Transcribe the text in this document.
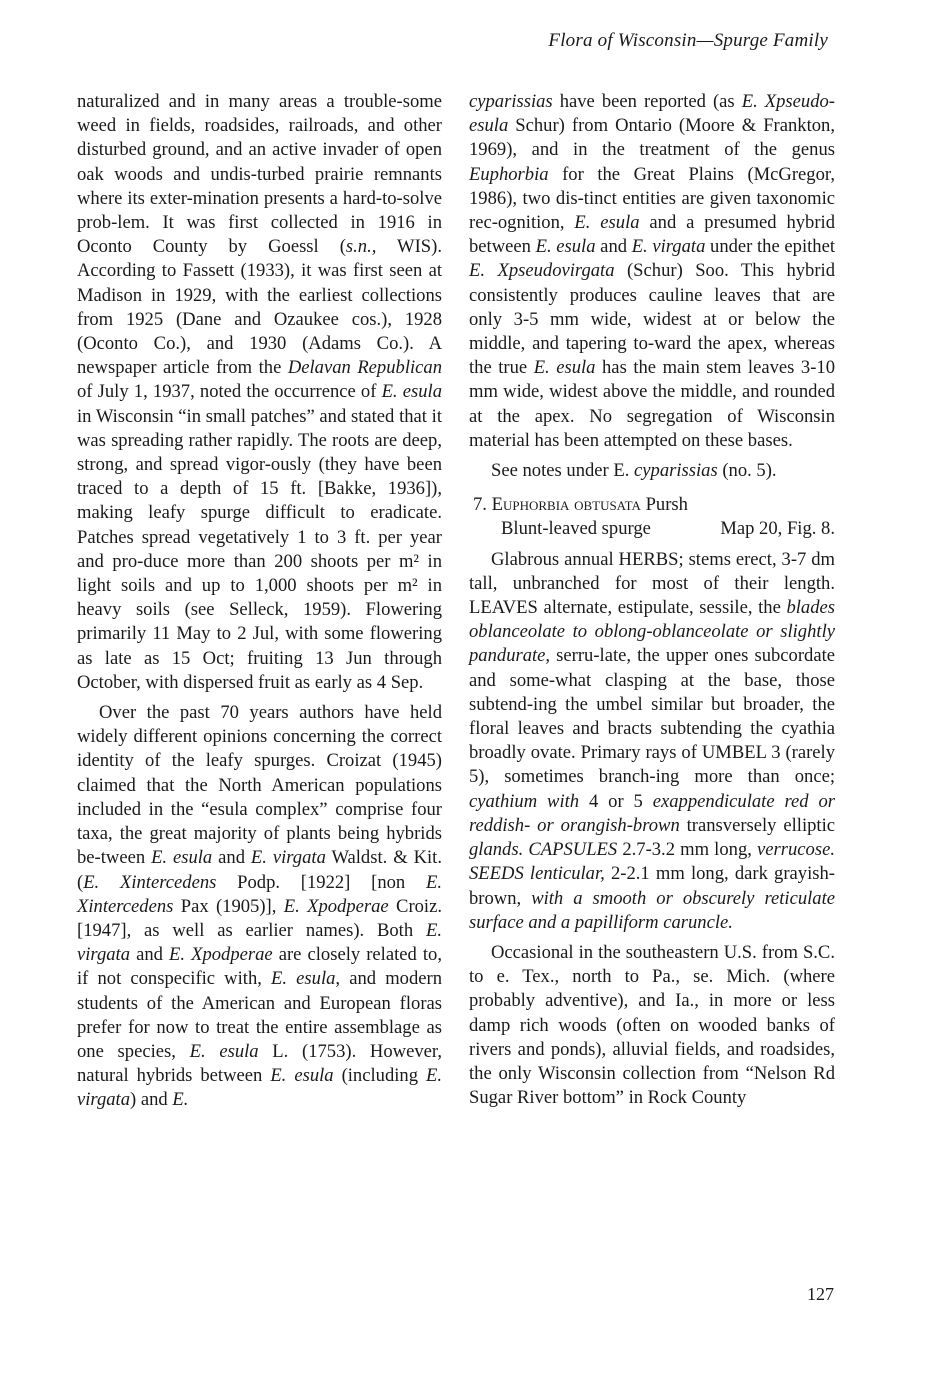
Flora of Wisconsin—Spurge Family

naturalized and in many areas a trouble-some weed in fields, roadsides, railroads, and other disturbed ground, and an active invader of open oak woods and undis-turbed prairie remnants where its exter-mination presents a hard-to-solve prob-lem. It was first collected in 1916 in Oconto County by Goessl (s.n., WIS). According to Fassett (1933), it was first seen at Madison in 1929, with the earliest collections from 1925 (Dane and Ozaukee cos.), 1928 (Oconto Co.), and 1930 (Adams Co.). A newspaper article from the Delavan Republican of July 1, 1937, noted the occurrence of E. esula in Wisconsin “in small patches” and stated that it was spreading rather rapidly. The roots are deep, strong, and spread vigor-ously (they have been traced to a depth of 15 ft. [Bakke, 1936]), making leafy spurge difficult to eradicate. Patches spread vegetatively 1 to 3 ft. per year and pro-duce more than 200 shoots per m² in light soils and up to 1,000 shoots per m² in heavy soils (see Selleck, 1959). Flowering primarily 11 May to 2 Jul, with some flowering as late as 15 Oct; fruiting 13 Jun through October, with dispersed fruit as early as 4 Sep.

Over the past 70 years authors have held widely different opinions concerning the correct identity of the leafy spurges. Croizat (1945) claimed that the North American populations included in the “esula complex” comprise four taxa, the great majority of plants being hybrids be-tween E. esula and E. virgata Waldst. & Kit. (E. Xintercedens Podp. [1922] [non E. Xintercedens Pax (1905)], E. Xpodperae Croiz. [1947], as well as earlier names). Both E. virgata and E. Xpodperae are closely related to, if not conspecific with, E. esula, and modern students of the American and European floras prefer for now to treat the entire assemblage as one species, E. esula L. (1753). However, natural hybrids between E. esula (including E. virgata) and E.

cyparissias have been reported (as E. Xpseudo-esula Schur) from Ontario (Moore & Frankton, 1969), and in the treatment of the genus Euphorbia for the Great Plains (McGregor, 1986), two dis-tinct entities are given taxonomic rec-ognition, E. esula and a presumed hybrid between E. esula and E. virgata under the epithet E. Xpseudovirgata (Schur) Soo. This hybrid consistently produces cauline leaves that are only 3-5 mm wide, widest at or below the middle, and tapering to-ward the apex, whereas the true E. esula has the main stem leaves 3-10 mm wide, widest above the middle, and rounded at the apex. No segregation of Wisconsin material has been attempted on these bases.

See notes under E. cyparissias (no. 5).

7. Euphorbia obtusata Pursh
Blunt-leaved spurge	Map 20, Fig. 8.

Glabrous annual HERBS; stems erect, 3-7 dm tall, unbranched for most of their length. LEAVES alternate, estipulate, sessile, the blades oblanceolate to oblong-oblanceolate or slightly pandurate, serru-late, the upper ones subcordate and some-what clasping at the base, those subtend-ing the umbel similar but broader, the floral leaves and bracts subtending the cyathia broadly ovate. Primary rays of UMBEL 3 (rarely 5), sometimes branch-ing more than once; cyathium with 4 or 5 exappendiculate red or reddish- or orangish-brown transversely elliptic glands. CAPSULES 2.7-3.2 mm long, verrucose. SEEDS lenticular, 2-2.1 mm long, dark grayish-brown, with a smooth or obscurely reticulate surface and a papilliform caruncle.

Occasional in the southeastern U.S. from S.C. to e. Tex., north to Pa., se. Mich. (where probably adventive), and Ia., in more or less damp rich woods (often on wooded banks of rivers and ponds), alluvial fields, and roadsides, the only Wisconsin collection from “Nelson Rd Sugar River bottom” in Rock County

127
